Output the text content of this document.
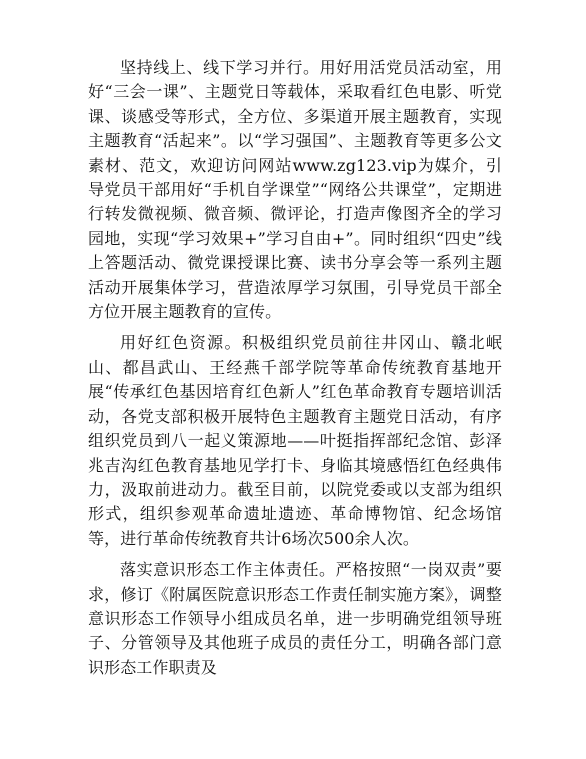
坚持线上、线下学习并行。用好用活党员活动室，用好“三会一课”、主题党日等载体，采取看红色电影、听党课、谈感受等形式，全方位、多渠道开展主题教育，实现主题教育“活起来”。以“学习强国”、主题教育等更多公文素材、范文，欢迎访问网站www.zg123.vip为媒介，引导党员干部用好“手机自学课堂”“网络公共课堂”，定期进行转发微视频、微音频、微评论，打造声像图齐全的学习园地，实现“学习效果+”学习自由+”。同时组织“四史”线上答题活动、微党课授课比赛、读书分享会等一系列主题活动开展集体学习，营造浓厚学习氛围，引导党员干部全方位开展主题教育的宣传。

用好红色资源。积极组织党员前往井冈山、赣北岷山、都昌武山、王经燕千部学院等革命传统教育基地开展“传承红色基因培育红色新人”红色革命教育专题培训活动，各党支部积极开展特色主题教育主题党日活动，有序组织党员到八一起义策源地——叶挺指挥部纪念馆、彭泽兆吉沟红色教育基地见学打卡、身临其境感悟红色经典伟力，汲取前进动力。截至目前，以院党委或以支部为组织形式，组织参观革命遗址遗迹、革命博物馆、纪念场馆等，进行革命传统教育共计6场次500余人次。

落实意识形态工作主体责任。严格按照“一岗双责”要求，修订《附属医院意识形态工作责任制实施方案》，调整意识形态工作领导小组成员名单，进一步明确党组领导班子、分管领导及其他班子成员的责任分工，明确各部门意识形态工作职责及
